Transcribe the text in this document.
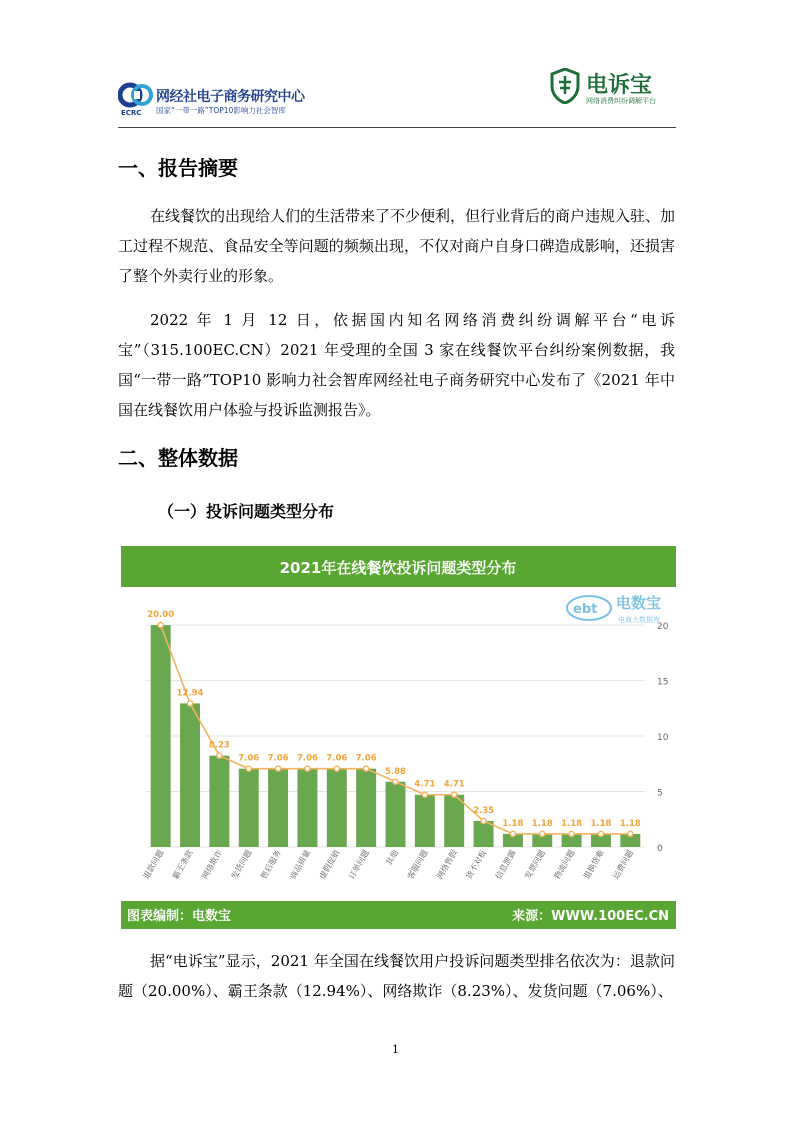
ECRC
网经社电子商务研究中心
国家“一带一路”TOP10影响力社会智库
电诉宝
网络消费纠纷调解平台
一、报告摘要

在线餐饮的出现给人们的生活带来了不少便利，但行业背后的商户违规入驻、加工过程不规范、食品安全等问题的频频出现，不仅对商户自身口碑造成影响，还损害了整个外卖行业的形象。

2022 年 1 月 12 日，依据国内知名网络消费纠纷调解平台“电诉宝”（315.100EC.CN）2021 年受理的全国 3 家在线餐饮平台纠纷案例数据，我国“一带一路”TOP10 影响力社会智库网经社电子商务研究中心发布了《2021 年中国在线餐饮用户体验与投诉监测报告》。

二、整体数据
（一）投诉问题类型分布
2021年在线餐饮投诉问题类型分布
ebt 电数宝
电商大数据库
0
5
10
15
20
20.00
12.94
8.23
7.06 7.06 7.06 7.06 7.06
5.88
4.71 4.71
2.35
1.18 1.18 1.18 1.18 1.18
退款问题 霸王条款 网络欺诈 发货问题 售后服务 商品质量 虚假促销 订单问题 其他 客服问题 网络售假 货不对板 信息泄露 发票问题 物流问题 退换货难 运费问题
图表编制：电数宝	来源：WWW.100EC.CN

据“电诉宝”显示，2021 年全国在线餐饮用户投诉问题类型排名依次为：退款问题（20.00%）、霸王条款（12.94%）、网络欺诈（8.23%）、发货问题（7.06%）、

1
